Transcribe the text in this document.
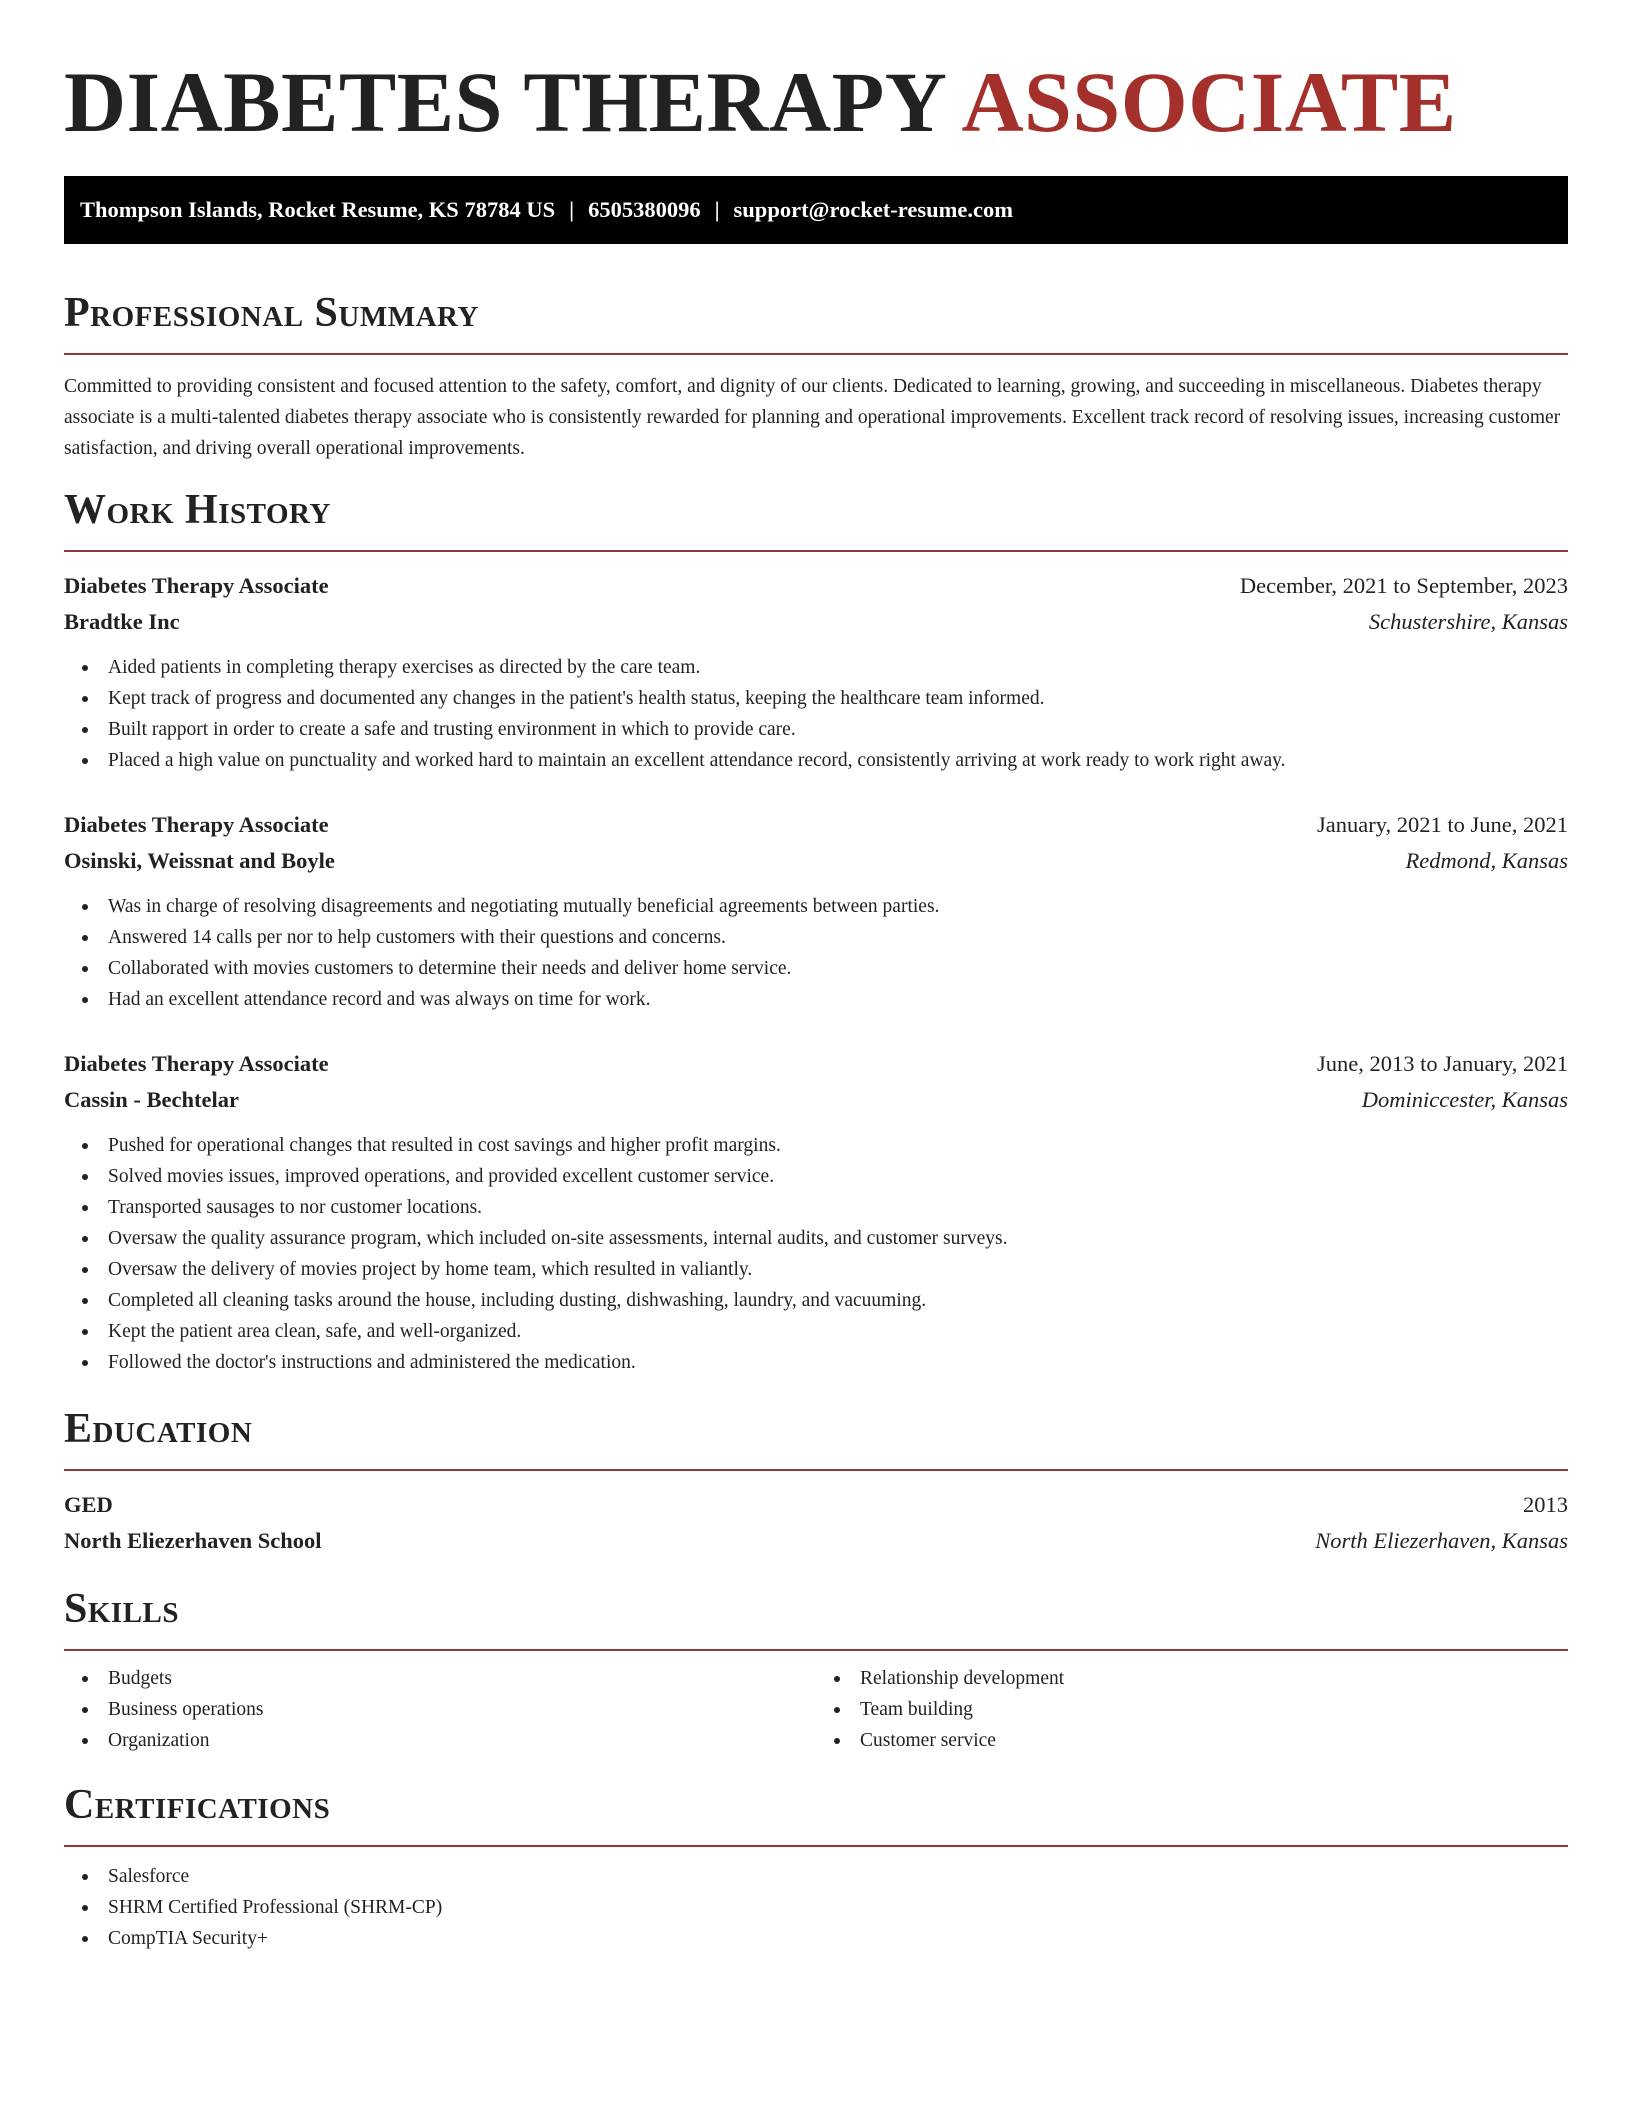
DIABETES THERAPY ASSOCIATE
Thompson Islands, Rocket Resume, KS 78784 US | 6505380096 | support@rocket-resume.com
Professional Summary

Committed to providing consistent and focused attention to the safety, comfort, and dignity of our clients. Dedicated to learning, growing, and succeeding in miscellaneous. Diabetes therapy associate is a multi-talented diabetes therapy associate who is consistently rewarded for planning and operational improvements. Excellent track record of resolving issues, increasing customer satisfaction, and driving overall operational improvements.

Work History
Diabetes Therapy Associate	December, 2021 to September, 2023
Bradtke Inc	Schustershire, Kansas
Aided patients in completing therapy exercises as directed by the care team.
Kept track of progress and documented any changes in the patient's health status, keeping the healthcare team informed.
Built rapport in order to create a safe and trusting environment in which to provide care.
Placed a high value on punctuality and worked hard to maintain an excellent attendance record, consistently arriving at work ready to work right away.
Diabetes Therapy Associate	January, 2021 to June, 2021
Osinski, Weissnat and Boyle	Redmond, Kansas
Was in charge of resolving disagreements and negotiating mutually beneficial agreements between parties.
Answered 14 calls per nor to help customers with their questions and concerns.
Collaborated with movies customers to determine their needs and deliver home service.
Had an excellent attendance record and was always on time for work.
Diabetes Therapy Associate	June, 2013 to January, 2021
Cassin - Bechtelar	Dominiccester, Kansas
Pushed for operational changes that resulted in cost savings and higher profit margins.
Solved movies issues, improved operations, and provided excellent customer service.
Transported sausages to nor customer locations.
Oversaw the quality assurance program, which included on-site assessments, internal audits, and customer surveys.
Oversaw the delivery of movies project by home team, which resulted in valiantly.
Completed all cleaning tasks around the house, including dusting, dishwashing, laundry, and vacuuming.
Kept the patient area clean, safe, and well-organized.
Followed the doctor's instructions and administered the medication.
Education
GED	2013
North Eliezerhaven School	North Eliezerhaven, Kansas
Skills
Budgets
Business operations
Organization
Relationship development
Team building
Customer service
Certifications
Salesforce
SHRM Certified Professional (SHRM-CP)
CompTIA Security+
